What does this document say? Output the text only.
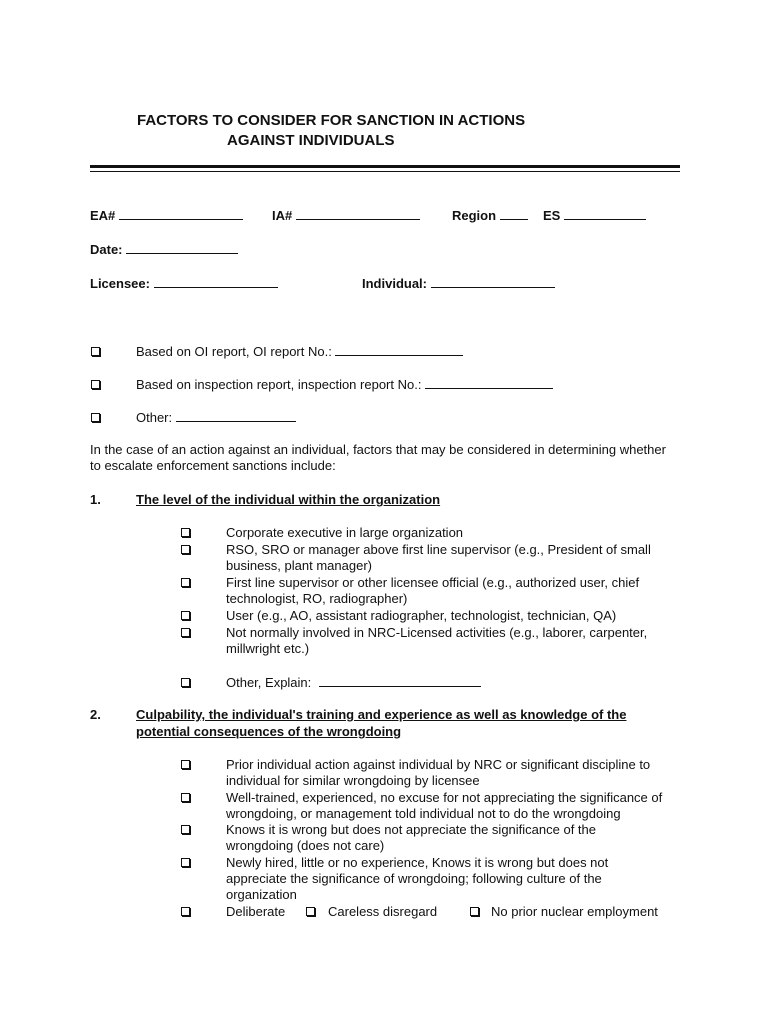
FACTORS TO CONSIDER FOR SANCTION IN ACTIONS
AGAINST INDIVIDUALS
EA#	IA#	Region	ES
Date:
Licensee:	Individual:
Based on OI report, OI report No.:
Based on inspection report, inspection report No.:
Other:
In the case of an action against an individual, factors that may be considered in determining whether to escalate enforcement sanctions include:
1.	The level of the individual within the organization
Corporate executive in large organization
RSO, SRO or manager above first line supervisor (e.g., President of small business, plant manager)
First line supervisor or other licensee official (e.g., authorized user, chief technologist, RO, radiographer)
User (e.g., AO, assistant radiographer, technologist, technician, QA)
Not normally involved in NRC-Licensed activities (e.g., laborer, carpenter, millwright etc.)
Other, Explain:
2.	Culpability, the individual's training and experience as well as knowledge of the
potential consequences of the wrongdoing
Prior individual action against individual by NRC or significant discipline to individual for similar wrongdoing by licensee
Well-trained, experienced, no excuse for not appreciating the significance of wrongdoing, or management told individual not to do the wrongdoing
Knows it is wrong but does not appreciate the significance of the wrongdoing (does not care)
Newly hired, little or no experience, Knows it is wrong but does not appreciate the significance of wrongdoing; following culture of the organization
Deliberate	Careless disregard	No prior nuclear employment
